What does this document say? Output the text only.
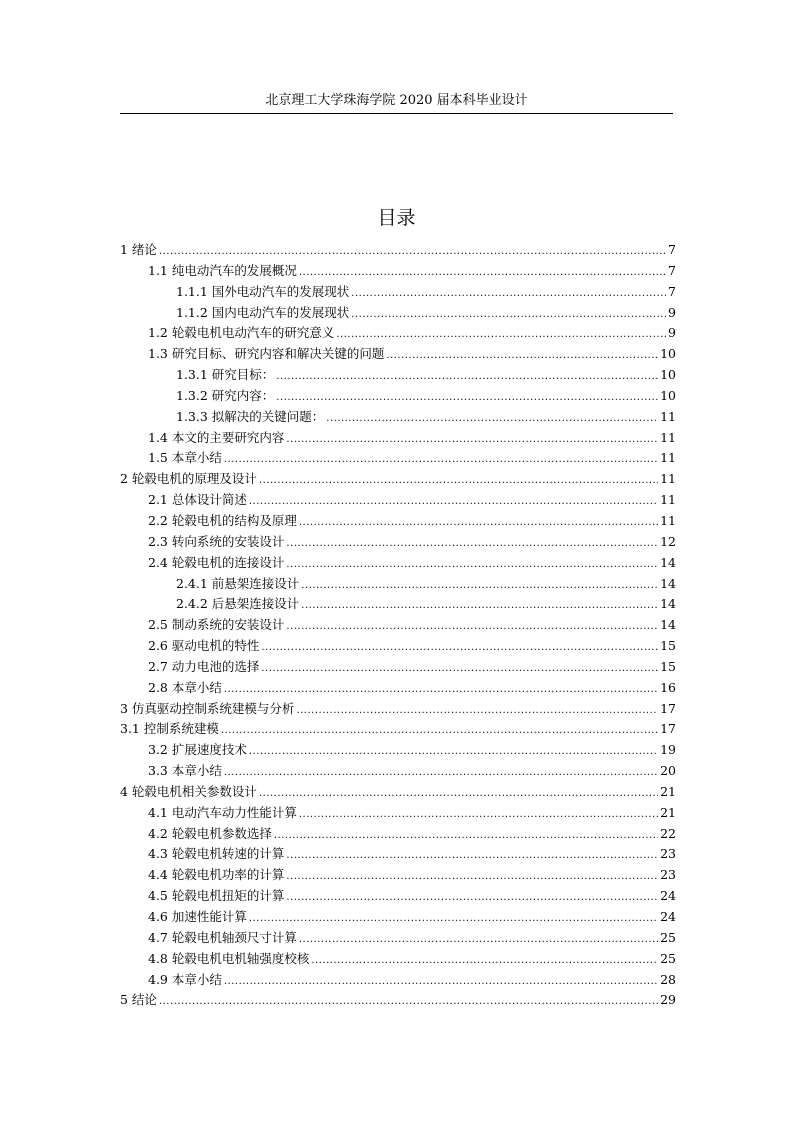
北京理工大学珠海学院 2020 届本科毕业设计
目录
1 绪论 .....	7
1.1 纯电动汽车的发展概况 .....	7
1.1.1 国外电动汽车的发展现状 .....	7
1.1.2 国内电动汽车的发展现状 .....	9
1.2 轮毂电机电动汽车的研究意义 .....	9
1.3 研究目标、研究内容和解决关键的问题 .....	10
1.3.1 研究目标： .....	10
1.3.2 研究内容： .....	10
1.3.3 拟解决的关键问题： .....	11
1.4 本文的主要研究内容 .....	11
1.5 本章小结 .....	11
2 轮毂电机的原理及设计 .....	11
2.1 总体设计简述 .....	11
2.2 轮毂电机的结构及原理 .....	11
2.3 转向系统的安装设计 .....	12
2.4 轮毂电机的连接设计 .....	14
2.4.1 前悬架连接设计 .....	14
2.4.2 后悬架连接设计 .....	14
2.5 制动系统的安装设计 .....	14
2.6 驱动电机的特性 .....	15
2.7 动力电池的选择 .....	15
2.8 本章小结 .....	16
3 仿真驱动控制系统建模与分析 .....	17
3.1 控制系统建模 .....	17
3.2 扩展速度技术 .....	19
3.3 本章小结 .....	20
4 轮毂电机相关参数设计 .....	21
4.1 电动汽车动力性能计算 .....	21
4.2 轮毂电机参数选择 .....	22
4.3 轮毂电机转速的计算 .....	23
4.4 轮毂电机功率的计算 .....	23
4.5 轮毂电机扭矩的计算 .....	24
4.6 加速性能计算 .....	24
4.7 轮毂电机轴颈尺寸计算 .....	25
4.8 轮毂电机电机轴强度校核 .....	25
4.9 本章小结 .....	28
5 结论 .....	29
